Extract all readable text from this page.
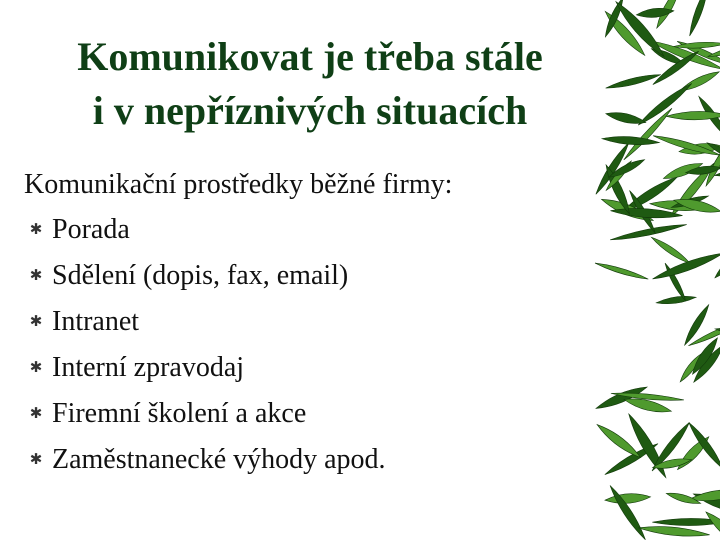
Komunikovat je třeba stále
i v nepříznivých situacích
Komunikační prostředky běžné firmy:
✱ Porada
✱ Sdělení (dopis, fax, email)
✱ Intranet
✱ Interní zpravodaj
✱ Firemní školení a akce
✱ Zaměstnanecké výhody apod.
